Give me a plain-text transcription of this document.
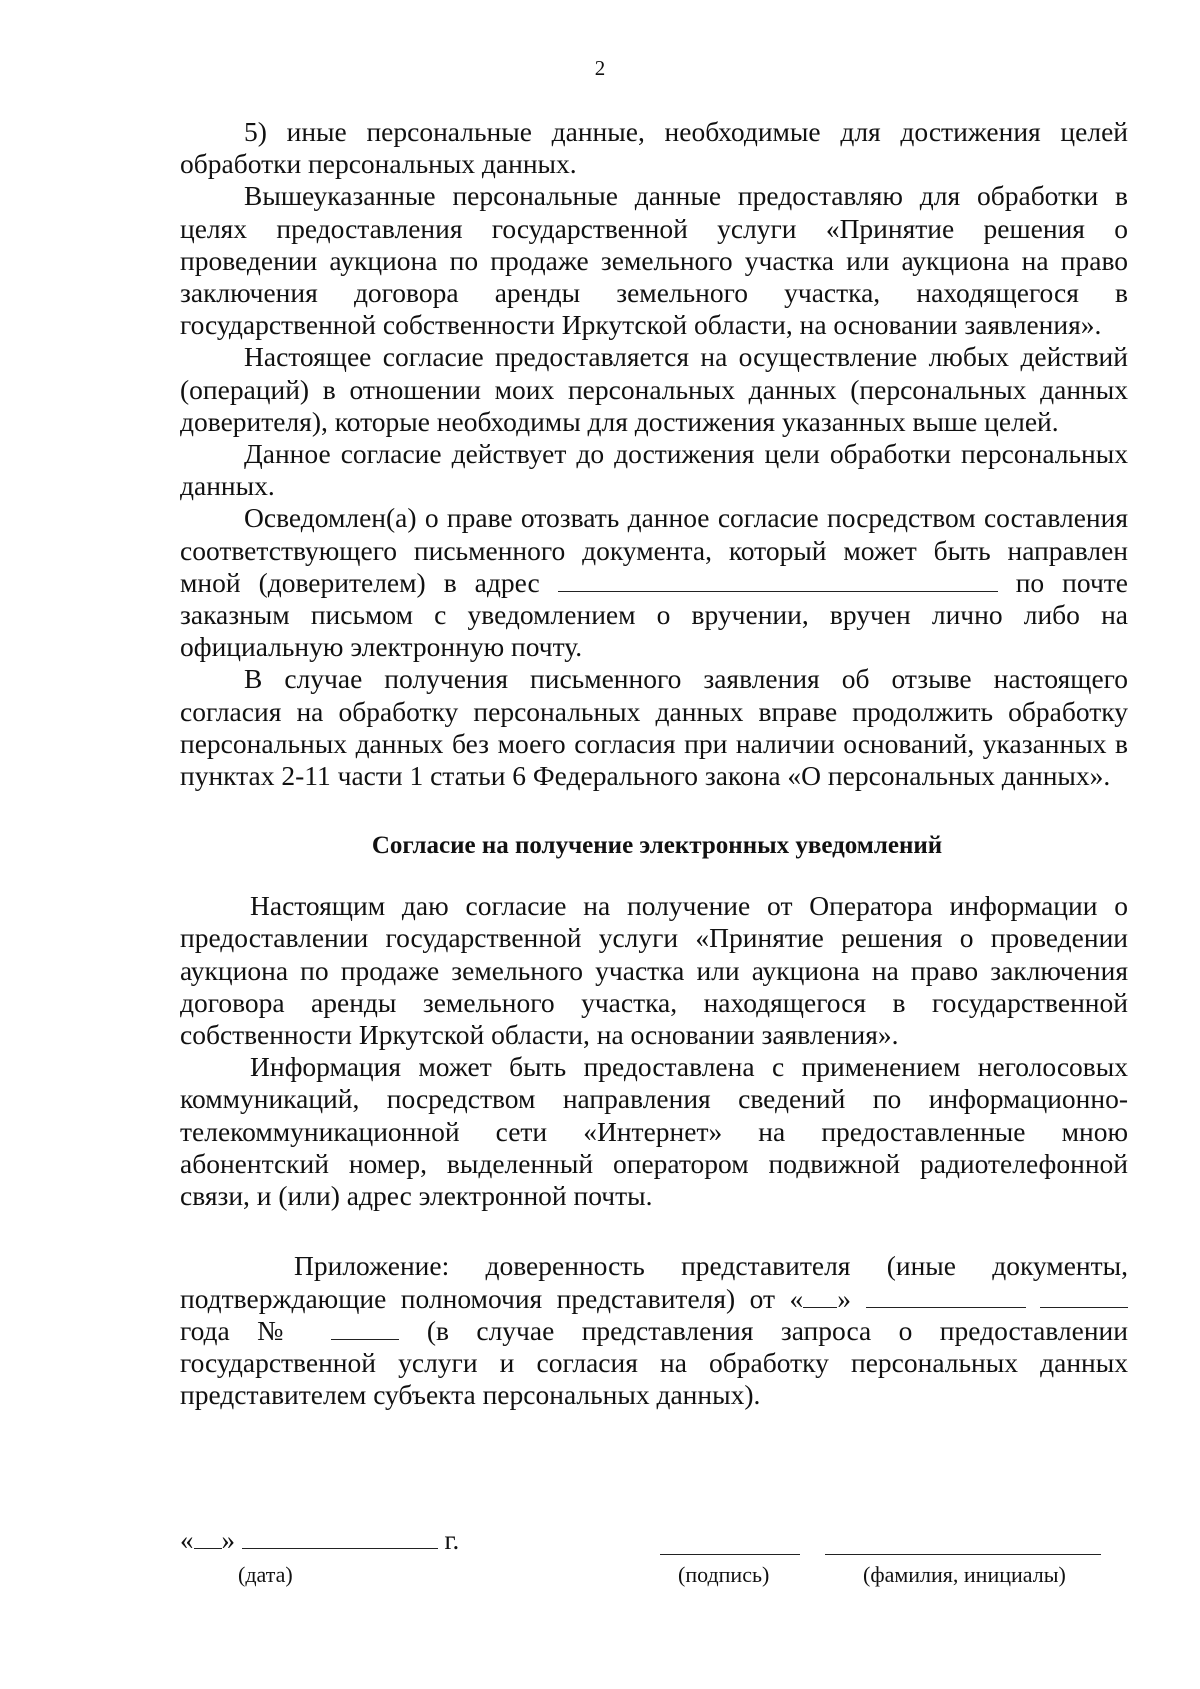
2

5) иные персональные данные, необходимые для достижения целей обработки персональных данных.

Вышеуказанные персональные данные предоставляю для обработки в целях предоставления государственной услуги «Принятие решения о проведении аукциона по продаже земельного участка или аукциона на право заключения договора аренды земельного участка, находящегося в государственной собственности Иркутской области, на основании заявления».

Настоящее согласие предоставляется на осуществление любых действий (операций) в отношении моих персональных данных (персональных данных доверителя), которые необходимы для достижения указанных выше целей.

Данное согласие действует до достижения цели обработки персональных данных.

Осведомлен(а) о праве отозвать данное согласие посредством составления соответствующего письменного документа, который может быть направлен мной (доверителем) в адрес	по почте заказным письмом с уведомлением о вручении, вручен лично либо на официальную электронную почту.

В случае получения письменного заявления об отзыве настоящего согласия на обработку персональных данных вправе продолжить обработку персональных данных без моего согласия при наличии оснований, указанных в пунктах 2-11 части 1 статьи 6 Федерального закона «О персональных данных».

Согласие на получение электронных уведомлений

Настоящим даю согласие на получение от Оператора информации о предоставлении государственной услуги «Принятие решения о проведении аукциона по продаже земельного участка или аукциона на право заключения договора аренды земельного участка, находящегося в государственной собственности Иркутской области, на основании заявления».

Информация может быть предоставлена с применением неголосовых коммуникаций, посредством направления сведений по информационно-телекоммуникационной сети «Интернет» на предоставленные мною абонентский номер, выделенный оператором подвижной радиотелефонной связи, и (или) адрес электронной почты.

Приложение: доверенность представителя (иные документы, подтверждающие полномочия представителя) от « »   года №	(в случае представления запроса о предоставлении государственной услуги и согласия на обработку персональных данных представителем субъекта персональных данных).

« »	г.
(дата)	(подпись)	(фамилия, инициалы)
